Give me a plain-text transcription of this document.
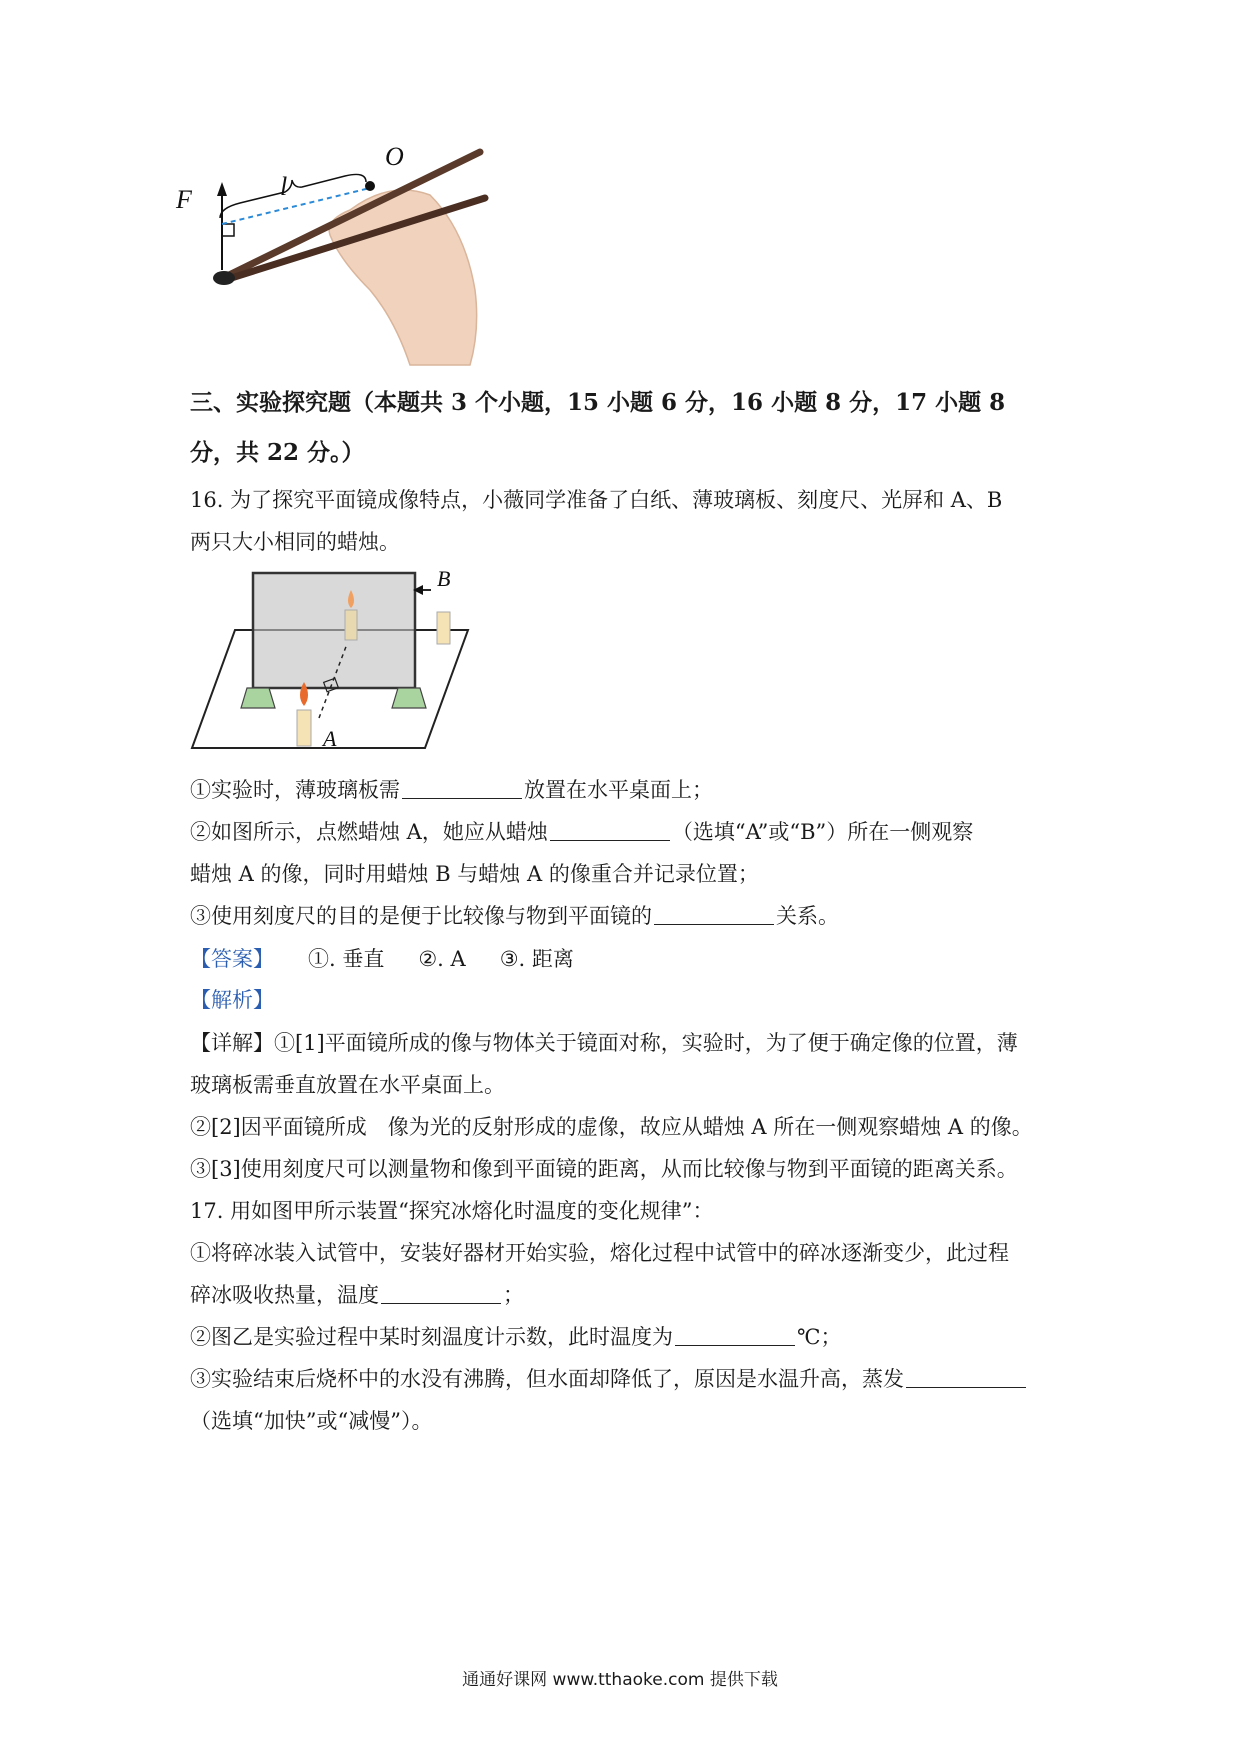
F	l
O
三、实验探究题（本题共 3 个小题，15 小题 6 分，16 小题 8 分，17 小题 8
分，共 22 分。）
16. 为了探究平面镜成像特点，小薇同学准备了白纸、薄玻璃板、刻度尺、光屏和 A、B
两只大小相同的蜡烛。
B
A
①实验时，薄玻璃板需	放置在水平桌面上；
②如图所示，点燃蜡烛 A，她应从蜡烛	（选填“A”或“B”）所在一侧观察
蜡烛 A 的像，同时用蜡烛 B 与蜡烛 A 的像重合并记录位置；
③使用刻度尺的目的是便于比较像与物到平面镜的	关系。
【答案】 ①. 垂直 ②. A ③. 距离
【解析】
【详解】①[1]平面镜所成的像与物体关于镜面对称，实验时，为了便于确定像的位置，薄
玻璃板需垂直放置在水平桌面上。
②[2]因平面镜所成　像为光的反射形成的虚像，故应从蜡烛 A 所在一侧观察蜡烛 A 的像。
③[3]使用刻度尺可以测量物和像到平面镜的距离，从而比较像与物到平面镜的距离关系。
17. 用如图甲所示装置“探究冰熔化时温度的变化规律”：
①将碎冰装入试管中，安装好器材开始实验，熔化过程中试管中的碎冰逐渐变少，此过程
碎冰吸收热量，温度	；
②图乙是实验过程中某时刻温度计示数，此时温度为	℃；
③实验结束后烧杯中的水没有沸腾，但水面却降低了，原因是水温升高，蒸发
（选填“加快”或“减慢”）。
通通好课网 www.tthaoke.com 提供下载
